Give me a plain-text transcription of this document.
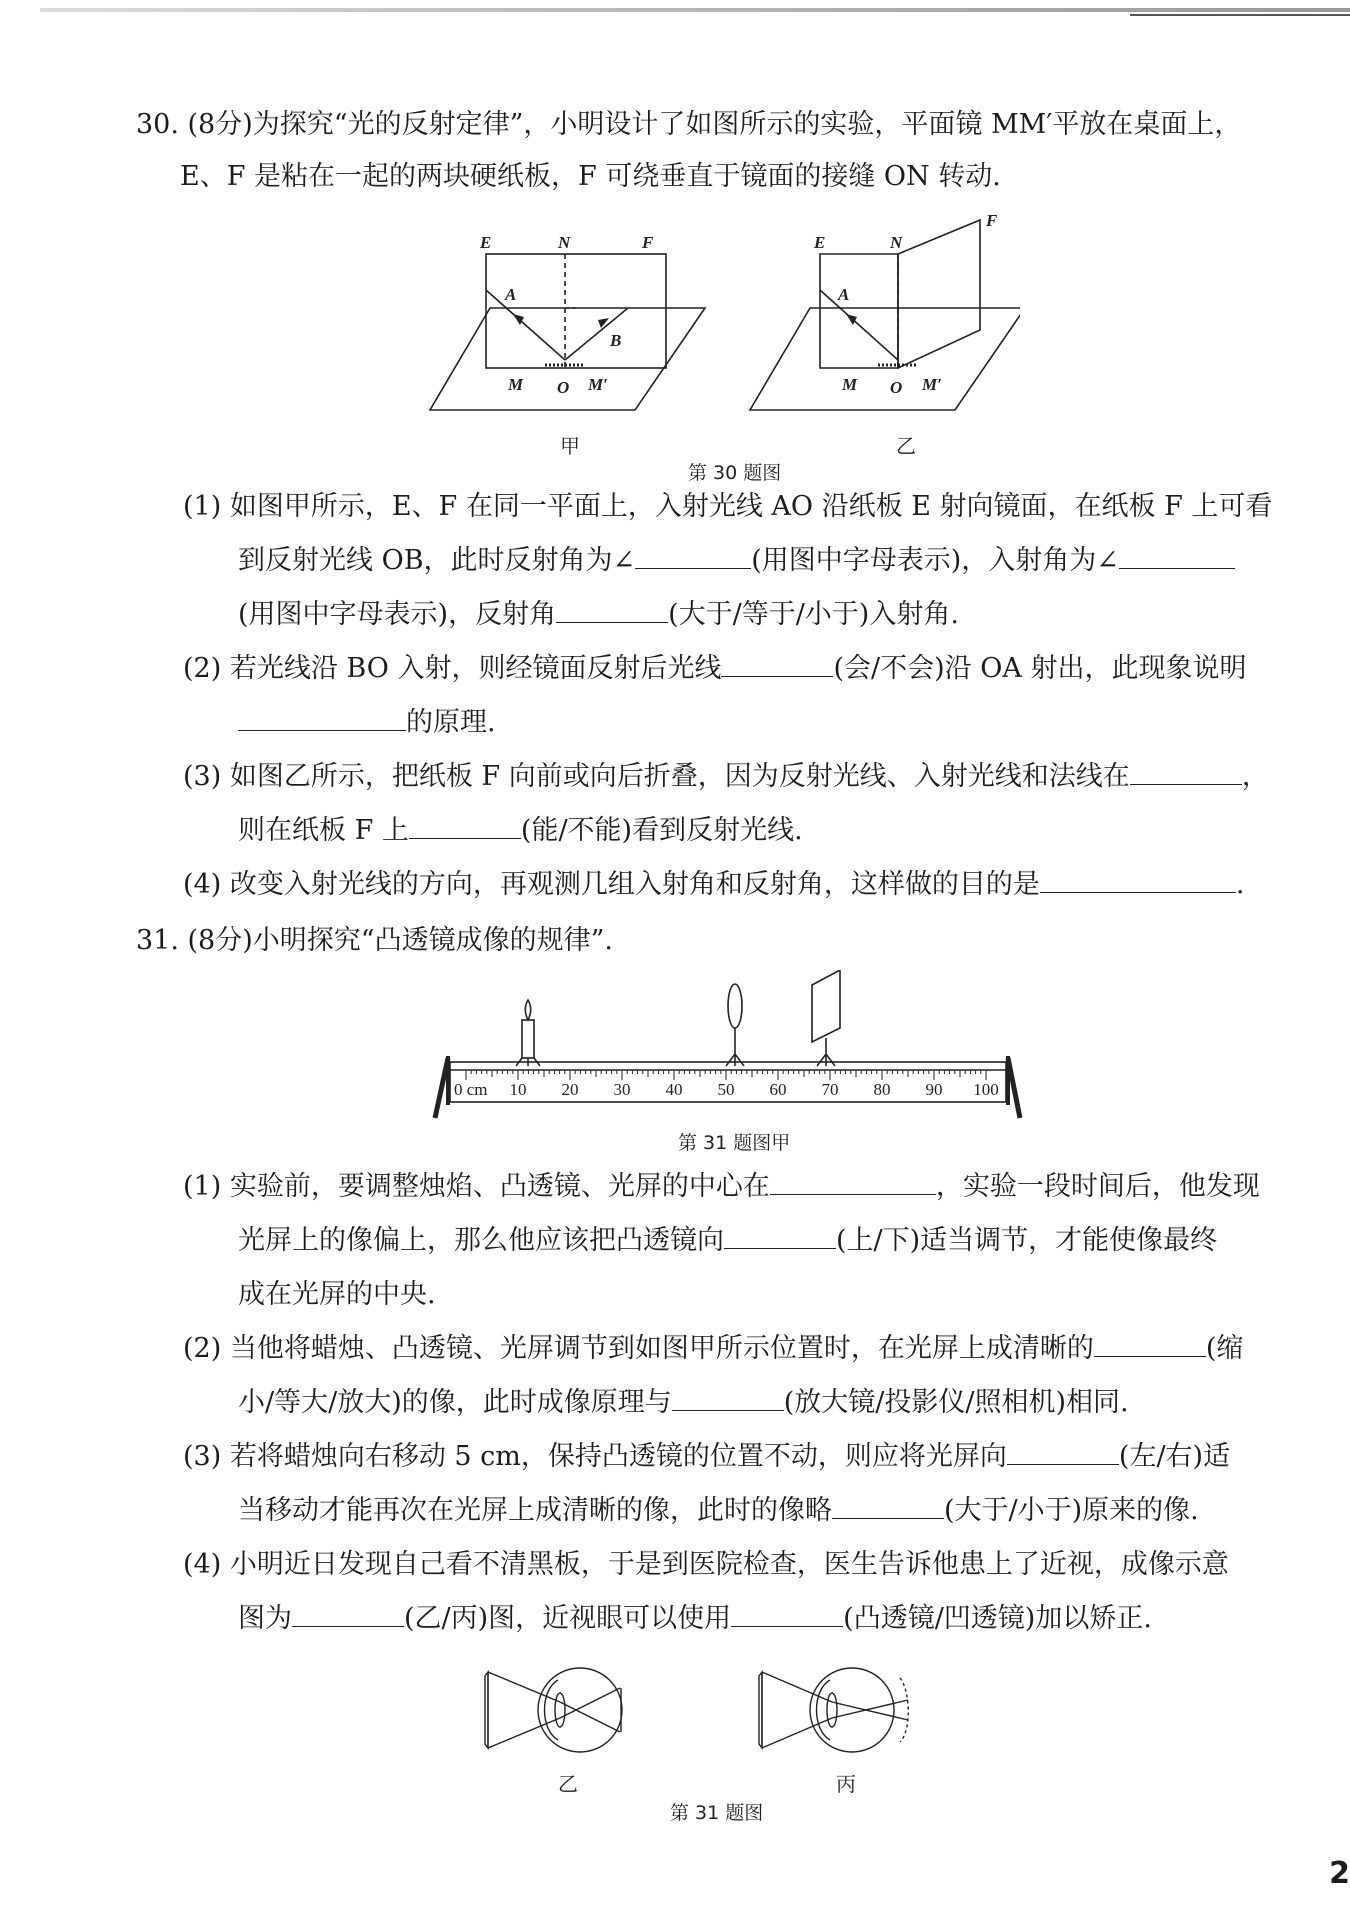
30. (8分)为探究“光的反射定律”，小明设计了如图所示的实验，平面镜 MM′平放在桌面上，
E、F 是粘在一起的两块硬纸板，F 可绕垂直于镜面的接缝 ON 转动.
E	N	F
A
B
M O M′
E	N
F
A
M O M′
甲	乙
第 30 题图
(1) 如图甲所示，E、F 在同一平面上，入射光线 AO 沿纸板 E 射向镜面，在纸板 F 上可看
到反射光线 OB，此时反射角为∠	(用图中字母表示)，入射角为∠
(用图中字母表示)，反射角	(大于/等于/小于)入射角.
(2) 若光线沿 BO 入射，则经镜面反射后光线	(会/不会)沿 OA 射出，此现象说明
的原理.
(3) 如图乙所示，把纸板 F 向前或向后折叠，因为反射光线、入射光线和法线在	，
则在纸板 F 上	(能/不能)看到反射光线.
(4) 改变入射光线的方向，再观测几组入射角和反射角，这样做的目的是	.
31. (8分)小明探究“凸透镜成像的规律”.
0 cm 10 20 30 40 50 60 70 80 90 100
第 31 题图甲
(1) 实验前，要调整烛焰、凸透镜、光屏的中心在	，实验一段时间后，他发现
光屏上的像偏上，那么他应该把凸透镜向	(上/下)适当调节，才能使像最终
成在光屏的中央.
(2) 当他将蜡烛、凸透镜、光屏调节到如图甲所示位置时，在光屏上成清晰的	(缩
小/等大/放大)的像，此时成像原理与	(放大镜/投影仪/照相机)相同.
(3) 若将蜡烛向右移动 5 cm，保持凸透镜的位置不动，则应将光屏向	(左/右)适
当移动才能再次在光屏上成清晰的像，此时的像略	(大于/小于)原来的像.
(4) 小明近日发现自己看不清黑板，于是到医院检查，医生告诉他患上了近视，成像示意
图为	(乙/丙)图，近视眼可以使用	(凸透镜/凹透镜)加以矫正.
乙	丙
第 31 题图
2
